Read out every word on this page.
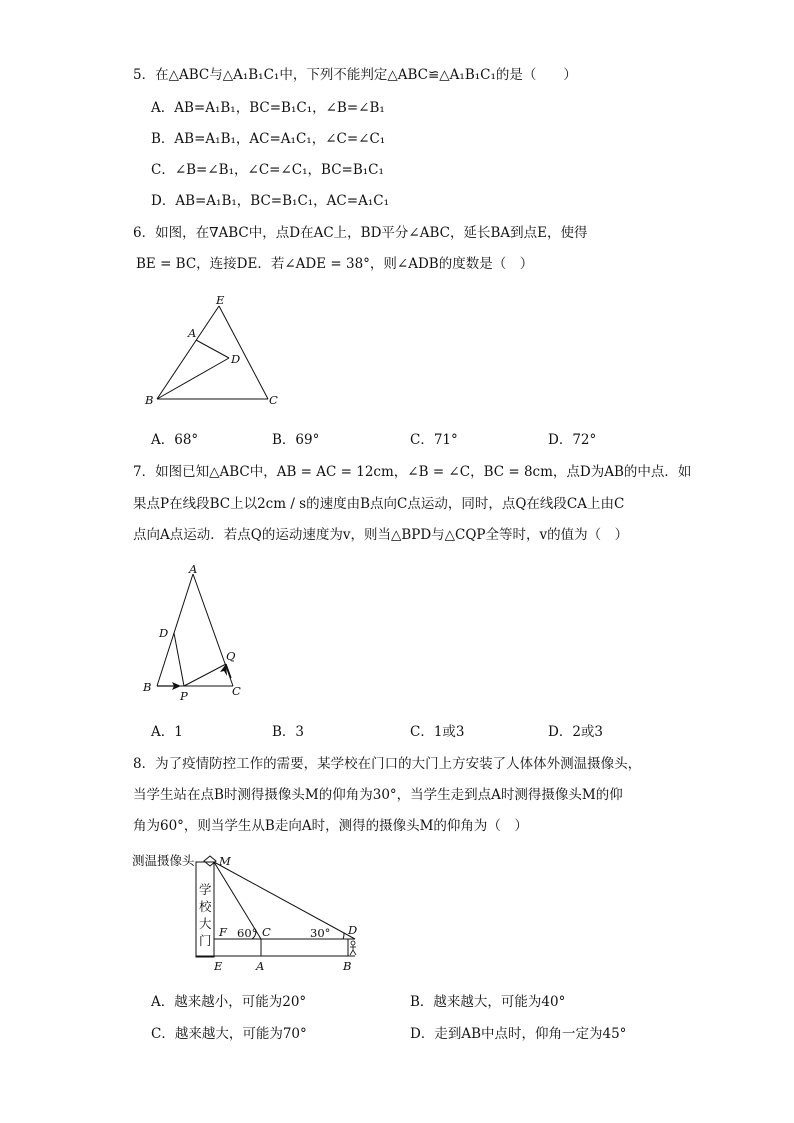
5．在△ABC与△A₁B₁C₁中，下列不能判定△ABC≌△A₁B₁C₁的是（　　）
A．AB=A₁B₁，BC=B₁C₁，∠B=∠B₁
B．AB=A₁B₁，AC=A₁C₁，∠C=∠C₁
C．∠B=∠B₁，∠C=∠C₁，BC=B₁C₁
D．AB=A₁B₁，BC=B₁C₁，AC=A₁C₁
6．如图，在∇ABC中，点D在AC上，BD平分∠ABC，延长BA到点E，使得
BE = BC，连接DE．若∠ADE = 38°，则∠ADB的度数是（　）
E
A
D
B	C
A．68°	B．69°	C．71°	D．72°
7．如图已知△ABC中，AB = AC = 12cm，∠B = ∠C，BC = 8cm，点D为AB的中点．如
果点P在线段BC上以2cm / s的速度由B点向C点运动，同时，点Q在线段CA上由C
点向A点运动．若点Q的运动速度为v，则当△BPD与△CQP全等时，v的值为（　）
A
D
Q
B
P	C
A．1	B．3	C．1或3	D．2或3
8．为了疫情防控工作的需要，某学校在门口的大门上方安装了人体体外测温摄像头，
当学生站在点B时测得摄像头M的仰角为30°，当学生走到点A时测得摄像头M的仰
角为60°，则当学生从B走向A时，测得的摄像头M的仰角为（　）
测温摄像头 M
学
校
大
门
F 60° C	30° D
E	A	B
A．越来越小，可能为20°	B．越来越大，可能为40°
C．越来越大，可能为70°	D．走到AB中点时，仰角一定为45°
